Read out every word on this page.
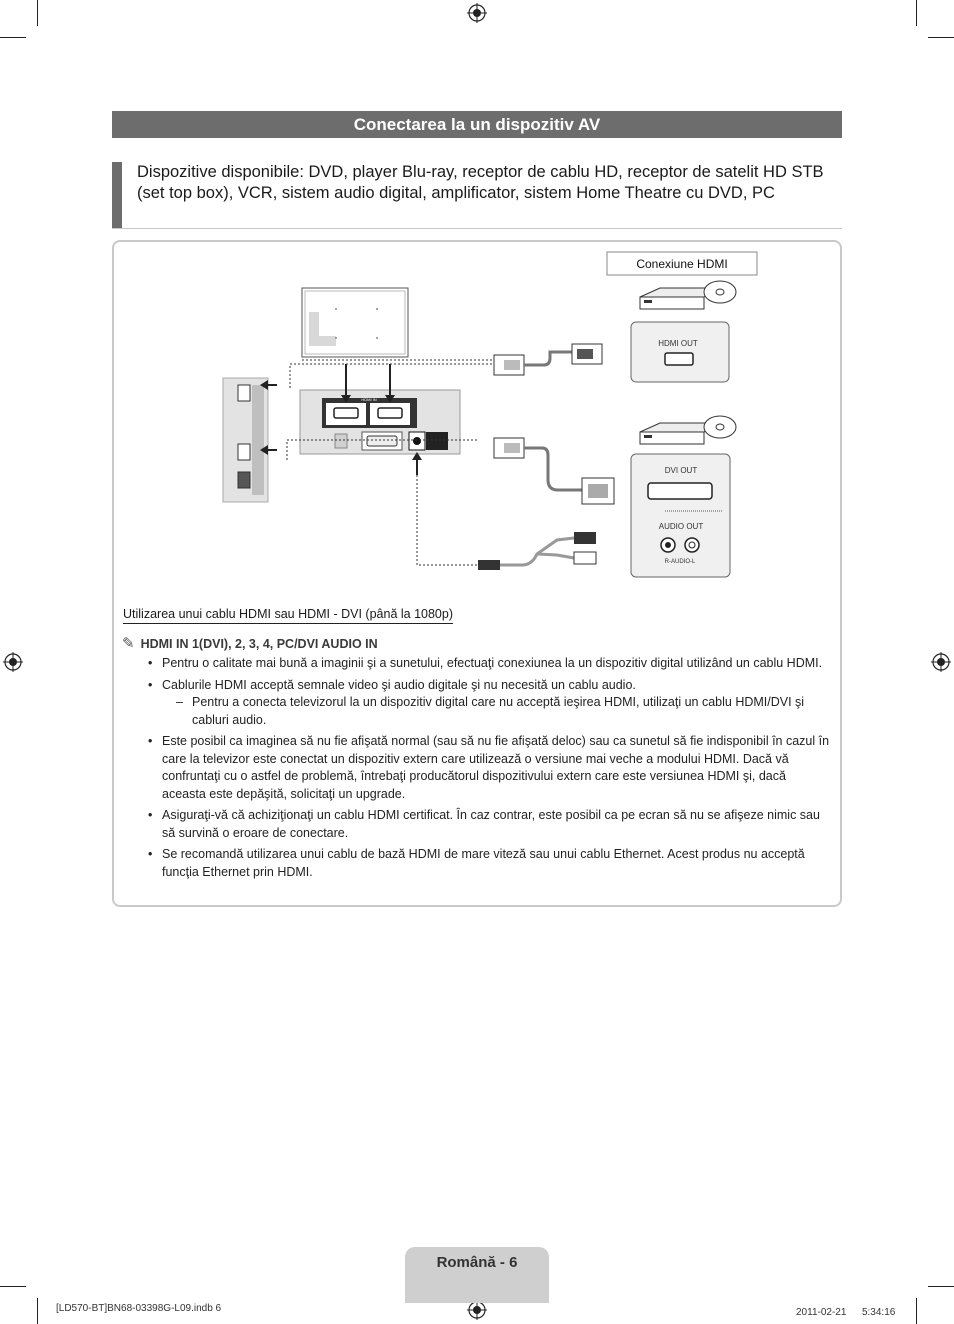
Conectarea la un dispozitiv AV
Dispozitive disponibile: DVD, player Blu-ray, receptor de cablu HD, receptor de satelit HD STB (set top box), VCR, sistem audio digital, amplificator, sistem Home Theatre cu DVD, PC
Conexiune HDMI
HDMI IN
HDMI OUT
DVI OUT
AUDIO OUT
R-AUDIO-L
Utilizarea unui cablu HDMI sau HDMI - DVI (până la 1080p)
✎ HDMI IN 1(DVI), 2, 3, 4, PC/DVI AUDIO IN
• Pentru o calitate mai bună a imaginii şi a sunetului, efectuaţi conexiunea la un dispozitiv digital utilizând un cablu HDMI.
• Cablurile HDMI acceptă semnale video şi audio digitale şi nu necesită un cablu audio.
– Pentru a conecta televizorul la un dispozitiv digital care nu acceptă ieşirea HDMI, utilizaţi un cablu HDMI/DVI şi cabluri audio.
• Este posibil ca imaginea să nu fie afişată normal (sau să nu fie afişată deloc) sau ca sunetul să fie indisponibil în cazul în care la televizor este conectat un dispozitiv extern care utilizează o versiune mai veche a modului HDMI. Dacă vă confruntaţi cu o astfel de problemă, întrebaţi producătorul dispozitivului extern care este versiunea HDMI şi, dacă aceasta este depăşită, solicitaţi un upgrade.
• Asiguraţi-vă că achiziţionaţi un cablu HDMI certificat. În caz contrar, este posibil ca pe ecran să nu se afişeze nimic sau să survină o eroare de conectare.
• Se recomandă utilizarea unui cablu de bază HDMI de mare viteză sau unui cablu Ethernet. Acest produs nu acceptă funcţia Ethernet prin HDMI.
Română - 6
[LD570-BT]BN68-03398G-L09.indb 6	2011-02-21 　 5:34:16
